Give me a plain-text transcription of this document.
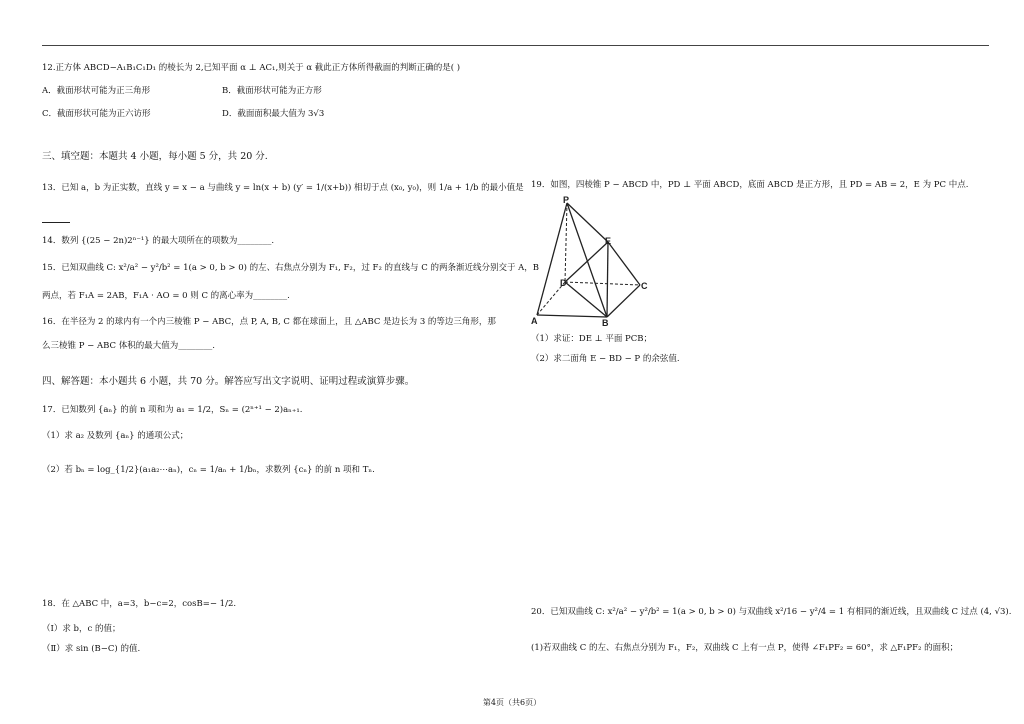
12.正方体 ABCD−A₁B₁C₁D₁ 的棱长为 2,已知平面 α ⊥ AC₁,则关于 α 截此正方体所得截面的判断正确的是( )
A．截面形状可能为正三角形	B．截面形状可能为正方形
C．截面形状可能为正六访形	D．截面面积最大值为 3√3
三、填空题：本题共 4 小题，每小题 5 分，共 20 分.
13．已知 a，b 为正实数，直线 y = x − a 与曲线 y = ln(x + b) (y′ = 1/(x+b)) 相切于点 (x₀, y₀)，则 1/a + 1/b 的最小值是
14．数列 {(25 − 2n)2ⁿ⁻¹} 的最大项所在的项数为________.
15．已知双曲线 C: x²/a² − y²/b² = 1(a > 0, b > 0) 的左、右焦点分别为 F₁, F₂，过 F₂ 的直线与 C 的两条渐近线分别交于 A，B
两点，若 F₁A = 2AB，F₁A · AO = 0 则 C 的离心率为________.
16．在半径为 2 的球内有一个内三棱锥 P − ABC，点 P, A, B, C 都在球面上，且 △ABC 是边长为 3 的等边三角形，那
么三棱锥 P − ABC 体积的最大值为________.
四、解答题：本小题共 6 小题，共 70 分。解答应写出文字说明、证明过程或演算步骤。
17．已知数列 {aₙ} 的前 n 项和为 a₁ = 1/2，Sₙ = (2ⁿ⁺¹ − 2)aₙ₊₁.
（1）求 a₂ 及数列 {aₙ} 的通项公式；
（2）若 bₙ = log_{1/2}(a₁a₂⋯aₙ)，cₙ = 1/aₙ + 1/bₙ，求数列 {cₙ} 的前 n 项和 Tₙ.
18．在 △ABC 中，a=3，b−c=2，cosB=− 1/2.
（Ⅰ）求 b，c 的值；
（Ⅱ）求 sin (B−C) 的值.
19．如图，四棱锥 P − ABCD 中，PD ⊥ 平面 ABCD，底面 ABCD 是正方形，且 PD = AB = 2，E 为 PC 中点.
P
E
D	C
A	B
（1）求证：DE ⊥ 平面 PCB；
（2）求二面角 E − BD − P 的余弦值.
20．已知双曲线 C: x²/a² − y²/b² = 1(a > 0, b > 0) 与双曲线 x²/16 − y²/4 = 1 有相同的渐近线，且双曲线 C 过点 (4, √3).
(1)若双曲线 C 的左、右焦点分别为 F₁，F₂，双曲线 C 上有一点 P，使得 ∠F₁PF₂ = 60°，求 △F₁PF₂ 的面积；
第4页（共6页）
